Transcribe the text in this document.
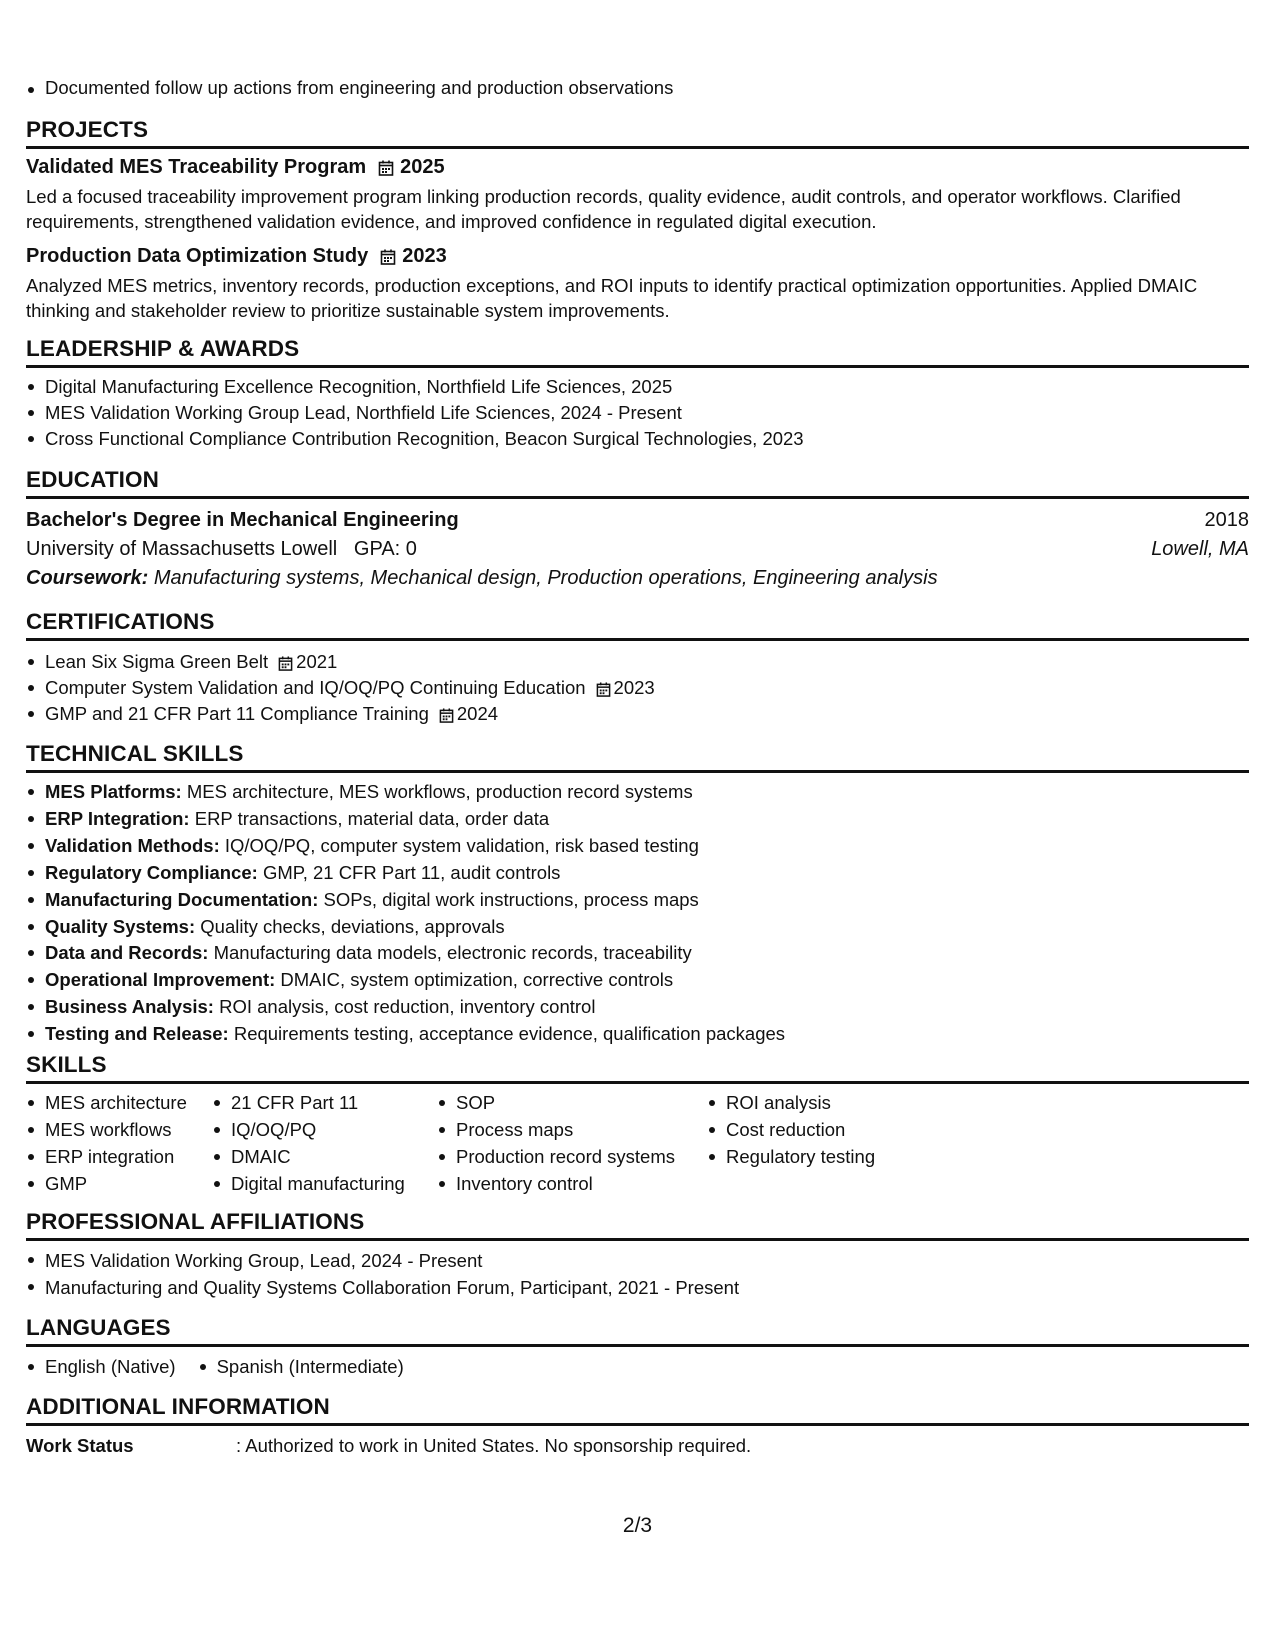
Documented follow up actions from engineering and production observations
PROJECTS
Validated MES Traceability Program 2025
Led a focused traceability improvement program linking production records, quality evidence, audit controls, and operator workflows. Clarified requirements, strengthened validation evidence, and improved confidence in regulated digital execution.
Production Data Optimization Study 2023
Analyzed MES metrics, inventory records, production exceptions, and ROI inputs to identify practical optimization opportunities. Applied DMAIC thinking and stakeholder review to prioritize sustainable system improvements.
LEADERSHIP & AWARDS
Digital Manufacturing Excellence Recognition, Northfield Life Sciences, 2025
MES Validation Working Group Lead, Northfield Life Sciences, 2024 - Present
Cross Functional Compliance Contribution Recognition, Beacon Surgical Technologies, 2023
EDUCATION
Bachelor's Degree in Mechanical Engineering	2018
University of Massachusetts Lowell GPA: 0	Lowell, MA
Coursework: Manufacturing systems, Mechanical design, Production operations, Engineering analysis
CERTIFICATIONS
Lean Six Sigma Green Belt 2021
Computer System Validation and IQ/OQ/PQ Continuing Education 2023
GMP and 21 CFR Part 11 Compliance Training 2024
TECHNICAL SKILLS
MES Platforms: MES architecture, MES workflows, production record systems
ERP Integration: ERP transactions, material data, order data
Validation Methods: IQ/OQ/PQ, computer system validation, risk based testing
Regulatory Compliance: GMP, 21 CFR Part 11, audit controls
Manufacturing Documentation: SOPs, digital work instructions, process maps
Quality Systems: Quality checks, deviations, approvals
Data and Records: Manufacturing data models, electronic records, traceability
Operational Improvement: DMAIC, system optimization, corrective controls
Business Analysis: ROI analysis, cost reduction, inventory control
Testing and Release: Requirements testing, acceptance evidence, qualification packages
SKILLS
MES architecture
MES workflows
ERP integration
GMP
21 CFR Part 11
IQ/OQ/PQ
DMAIC
Digital manufacturing
SOP
Process maps
Production record systems
Inventory control
ROI analysis
Cost reduction
Regulatory testing
PROFESSIONAL AFFILIATIONS
MES Validation Working Group, Lead, 2024 - Present
Manufacturing and Quality Systems Collaboration Forum, Participant, 2021 - Present
LANGUAGES
English (Native)	Spanish (Intermediate)
ADDITIONAL INFORMATION
Work Status	: Authorized to work in United States. No sponsorship required.
2/3
